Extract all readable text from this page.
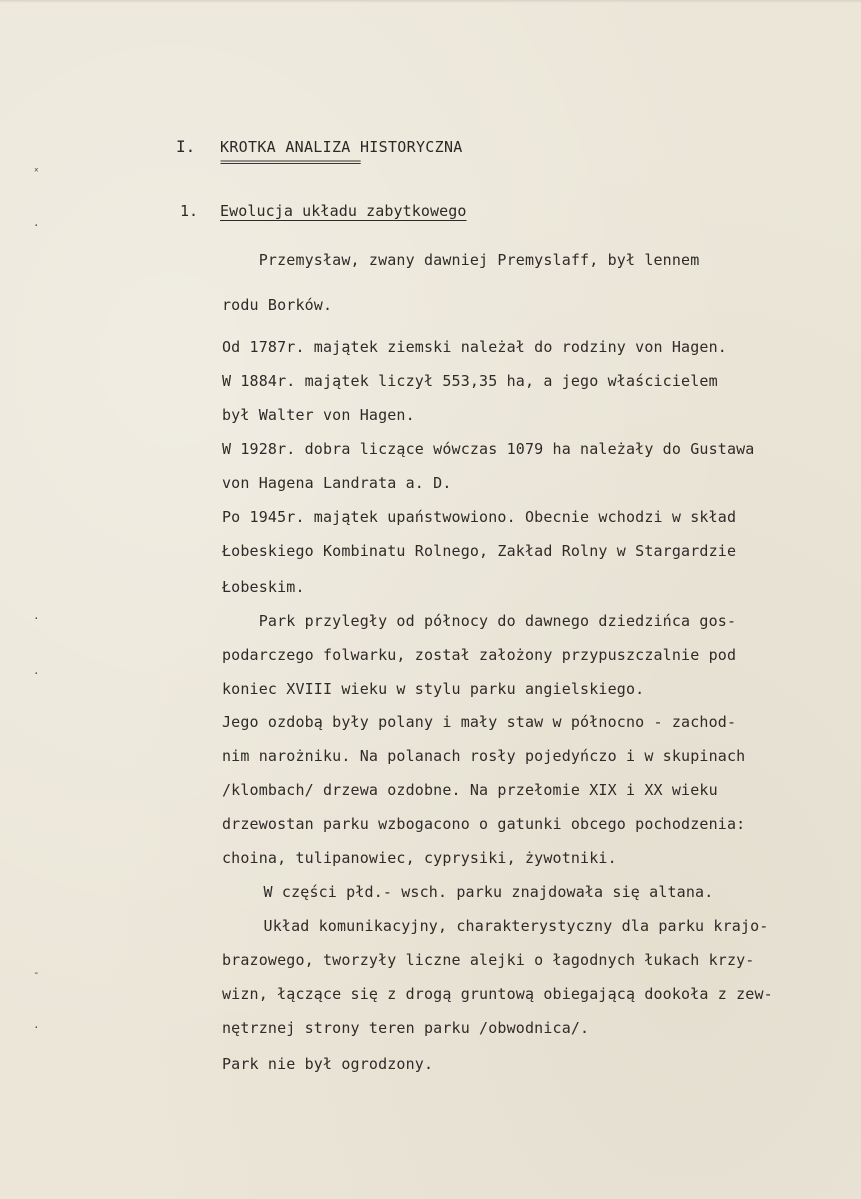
ˣ
·
·
·
-
·
I. KROTKA ANALIZA HISTORYCZNA
========================
1. Ewolucja układu zabytkowego
Przemysław, zwany dawniej Premyslaff, był lennem
rodu Borków.
Od 1787r. majątek ziemski należał do rodziny von Hagen.
W 1884r. majątek liczył 553,35 ha, a jego właścicielem
był Walter von Hagen.
W 1928r. dobra liczące wówczas 1079 ha należały do Gustawa
von Hagena Landrata a. D.
Po 1945r. majątek upaństwowiono. Obecnie wchodzi w skład
Łobeskiego Kombinatu Rolnego, Zakład Rolny w Stargardzie
Łobeskim.
Park przyległy od północy do dawnego dziedzińca gos-
podarczego folwarku, został założony przypuszczalnie pod
koniec XVIII wieku w stylu parku angielskiego.
Jego ozdobą były polany i mały staw w północno - zachod-
nim narożniku. Na polanach rosły pojedyńczo i w skupinach
/klombach/ drzewa ozdobne. Na przełomie XIX i XX wieku
drzewostan parku wzbogacono o gatunki obcego pochodzenia:
choina, tulipanowiec, cyprysiki, żywotniki.
W części płd.- wsch. parku znajdowała się altana.
Układ komunikacyjny, charakterystyczny dla parku krajo-
brazowego, tworzyły liczne alejki o łagodnych łukach krzy-
wizn, łączące się z drogą gruntową obiegającą dookoła z zew-
nętrznej strony teren parku /obwodnica/.
Park nie był ogrodzony.
